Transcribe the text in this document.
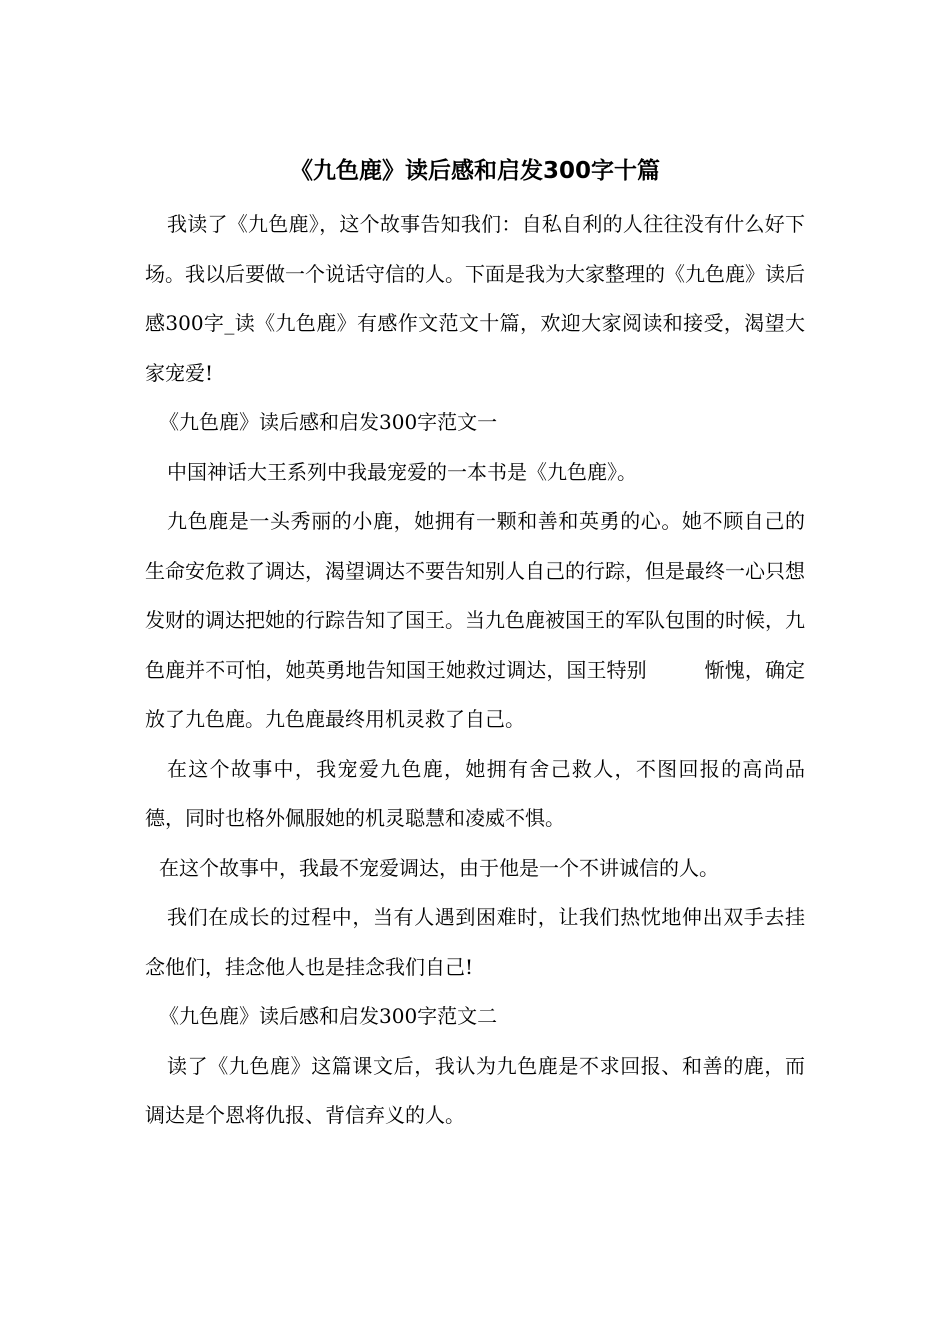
《九色鹿》读后感和启发300字十篇

我读了《九色鹿》，这个故事告知我们：自私自利的人往往没有什么好下场。我以后要做一个说话守信的人。下面是我为大家整理的《九色鹿》读后感300字_读《九色鹿》有感作文范文十篇，欢迎大家阅读和接受，渴望大家宠爱!

《九色鹿》读后感和启发300字范文一

中国神话大王系列中我最宠爱的一本书是《九色鹿》。

九色鹿是一头秀丽的小鹿，她拥有一颗和善和英勇的心。她不顾自己的生命安危救了调达，渴望调达不要告知别人自己的行踪，但是最终一心只想发财的调达把她的行踪告知了国王。当九色鹿被国王的军队包围的时候，九色鹿并不可怕，她英勇地告知国王她救过调达，国王特别	惭愧，确定放了九色鹿。九色鹿最终用机灵救了自己。

在这个故事中，我宠爱九色鹿，她拥有舍己救人，不图回报的高尚品德，同时也格外佩服她的机灵聪慧和凌威不惧。

在这个故事中，我最不宠爱调达，由于他是一个不讲诚信的人。

我们在成长的过程中，当有人遇到困难时，让我们热忱地伸出双手去挂念他们，挂念他人也是挂念我们自己!

《九色鹿》读后感和启发300字范文二

读了《九色鹿》这篇课文后，我认为九色鹿是不求回报、和善的鹿，而调达是个恩将仇报、背信弃义的人。
